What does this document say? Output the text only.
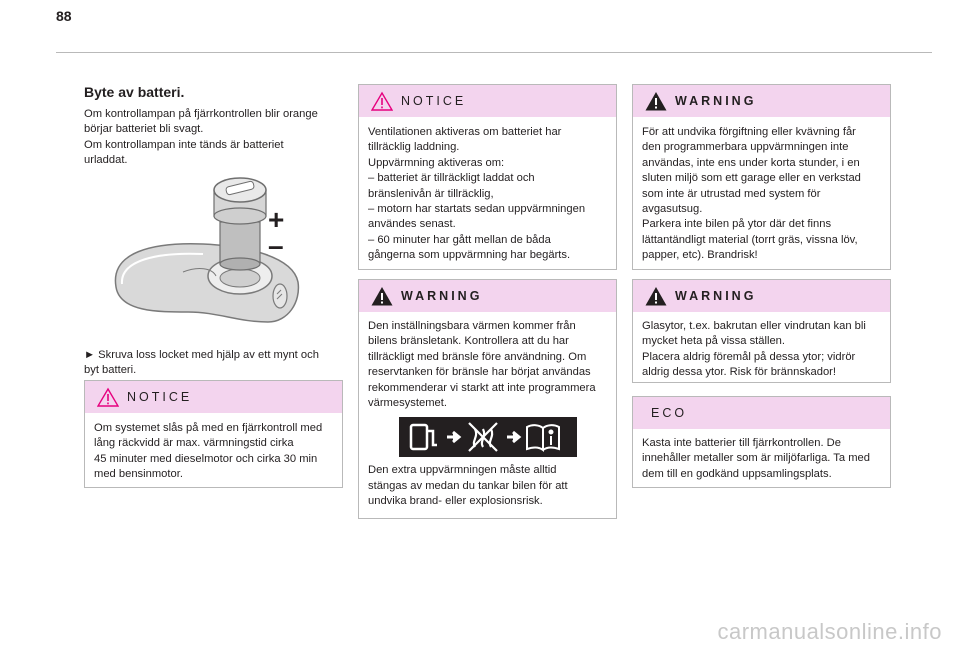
88
Byte av batteri.
Om kontrollampan på fjärrkontrollen blir orange
börjar batteriet bli svagt.
Om kontrollampan inte tänds är batteriet
urladdat.
+
–
► Skruva loss locket med hjälp av ett mynt och
byt batteri.
NOTICE
Om systemet slås på med en fjärrkontroll med
lång räckvidd är max. värmningstid cirka
45 minuter med dieselmotor och cirka 30 min
med bensinmotor.
NOTICE
Ventilationen aktiveras om batteriet har
tillräcklig laddning.
Uppvärmning aktiveras om:
– batteriet är tillräckligt laddat och
bränslenivån är tillräcklig,
– motorn har startats sedan uppvärmningen
användes senast.
– 60 minuter har gått mellan de båda
gångerna som uppvärmning har begärts.
WARNING
Den inställningsbara värmen kommer från
bilens bränsletank. Kontrollera att du har
tillräckligt med bränsle före användning. Om
reservtanken för bränsle har börjat användas
rekommenderar vi starkt att inte programmera
värmesystemet.
Den extra uppvärmningen måste alltid
stängas av medan du tankar bilen för att
undvika brand- eller explosionsrisk.
WARNING
För att undvika förgiftning eller kvävning får
den programmerbara uppvärmningen inte
användas, inte ens under korta stunder, i en
sluten miljö som ett garage eller en verkstad
som inte är utrustad med system för
avgasutsug.
Parkera inte bilen på ytor där det finns
lättantändligt material (torrt gräs, vissna löv,
papper, etc). Brandrisk!
WARNING
Glasytor, t.ex. bakrutan eller vindrutan kan bli
mycket heta på vissa ställen.
Placera aldrig föremål på dessa ytor; vidrör
aldrig dessa ytor. Risk för brännskador!
ECO
Kasta inte batterier till fjärrkontrollen. De
innehåller metaller som är miljöfarliga. Ta med
dem till en godkänd uppsamlingsplats.
carmanualsonline.info
